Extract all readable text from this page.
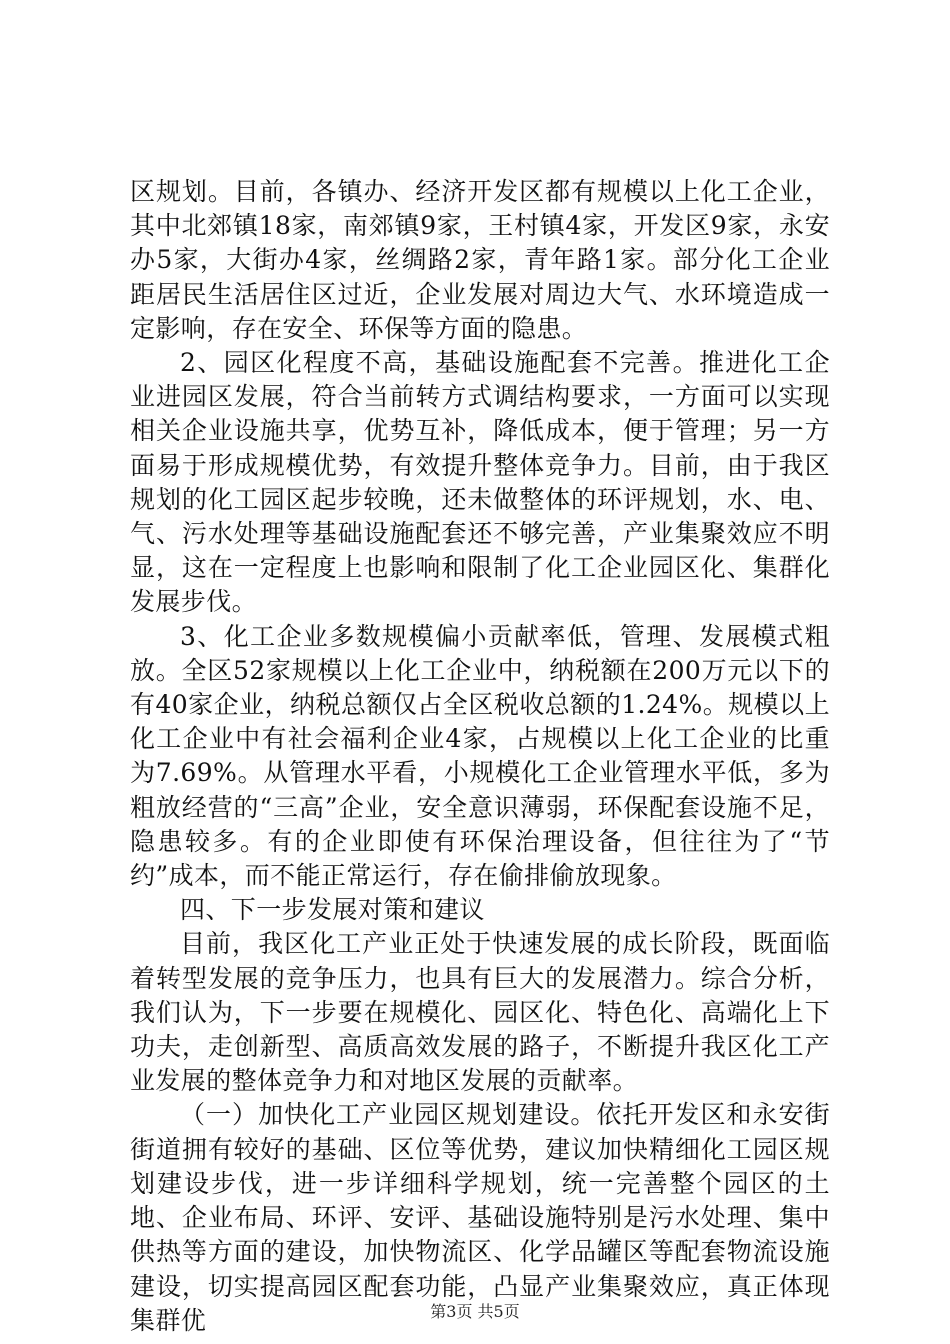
区规划。目前，各镇办、经济开发区都有规模以上化工企业，其中北郊镇18家，南郊镇9家，王村镇4家，开发区9家，永安办5家，大街办4家，丝绸路2家，青年路1家。部分化工企业距居民生活居住区过近，企业发展对周边大气、水环境造成一定影响，存在安全、环保等方面的隐患。

2、园区化程度不高，基础设施配套不完善。推进化工企业进园区发展，符合当前转方式调结构要求，一方面可以实现相关企业设施共享，优势互补，降低成本，便于管理；另一方面易于形成规模优势，有效提升整体竞争力。目前，由于我区规划的化工园区起步较晚，还未做整体的环评规划，水、电、气、污水处理等基础设施配套还不够完善，产业集聚效应不明显，这在一定程度上也影响和限制了化工企业园区化、集群化发展步伐。

3、化工企业多数规模偏小贡献率低，管理、发展模式粗放。全区52家规模以上化工企业中，纳税额在200万元以下的有40家企业，纳税总额仅占全区税收总额的1.24%。规模以上化工企业中有社会福利企业4家，占规模以上化工企业的比重为7.69%。从管理水平看，小规模化工企业管理水平低，多为粗放经营的“三高”企业，安全意识薄弱，环保配套设施不足，隐患较多。有的企业即使有环保治理设备，但往往为了“节约”成本，而不能正常运行，存在偷排偷放现象。

四、下一步发展对策和建议

目前，我区化工产业正处于快速发展的成长阶段，既面临着转型发展的竞争压力，也具有巨大的发展潜力。综合分析，我们认为，下一步要在规模化、园区化、特色化、高端化上下功夫，走创新型、高质高效发展的路子，不断提升我区化工产业发展的整体竞争力和对地区发展的贡献率。

（一）加快化工产业园区规划建设。依托开发区和永安街街道拥有较好的基础、区位等优势，建议加快精细化工园区规划建设步伐，进一步详细科学规划，统一完善整个园区的土地、企业布局、环评、安评、基础设施特别是污水处理、集中供热等方面的建设，加快物流区、化学品罐区等配套物流设施建设，切实提高园区配套功能，凸显产业集聚效应，真正体现集群优	第3页 共5页
